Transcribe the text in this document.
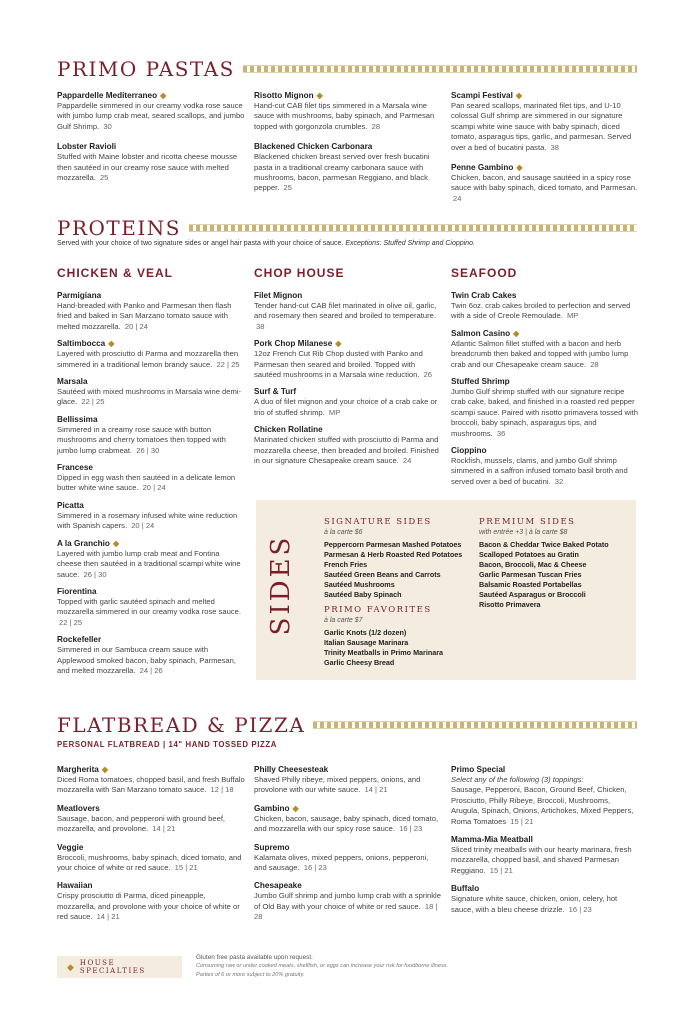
PRIMO PASTAS
Pappardelle Mediterraneo ◆
Pappardelle simmered in our creamy vodka rose sauce with jumbo lump crab meat, seared scallops, and jumbo Gulf Shrimp. 30
Lobster Ravioli
Stuffed with Maine lobster and ricotta cheese mousse then sautéed in our creamy rose sauce with melted mozzarella. 25
Risotto Mignon ◆
Hand-cut CAB filet tips simmered in a Marsala wine sauce with mushrooms, baby spinach, and Parmesan topped with gorgonzola crumbles. 28
Blackened Chicken Carbonara
Blackened chicken breast served over fresh bucatini pasta in a traditional creamy carbonara sauce with mushrooms, bacon, parmesan Reggiano, and black pepper. 25
Scampi Festival ◆
Pan seared scallops, marinated filet tips, and U-10 colossal Gulf shrimp are simmered in our signature scampi white wine sauce with baby spinach, diced tomato, asparagus tips, garlic, and parmesan. Served over a bed of bucatini pasta. 38
Penne Gambino ◆
Chicken, bacon, and sausage sautéed in a spicy rose sauce with baby spinach, diced tomato, and Parmesan. 24
PROTEINS
Served with your choice of two signature sides or angel hair pasta with your choice of sauce. Exceptions: Stuffed Shrimp and Cioppino.
CHICKEN & VEAL	CHOP HOUSE	SEAFOOD
Parmigiana
Hand-breaded with Panko and Parmesan then flash fried and baked in San Marzano tomato sauce with melted mozzarella. 20 | 24
Saltimbocca ◆
Layered with prosciutto di Parma and mozzarella then simmered in a traditional lemon brandy sauce. 22 | 25
Marsala
Sautéed with mixed mushrooms in Marsala wine demi-glace. 22 | 25
Bellissima
Simmered in a creamy rose sauce with button mushrooms and cherry tomatoes then topped with jumbo lump crabmeat. 26 | 30
Francese
Dipped in egg wash then sautéed in a delicate lemon butter white wine sauce. 20 | 24
Picatta
Simmered in a rosemary infused white wine reduction with Spanish capers. 20 | 24
A la Granchio ◆
Layered with jumbo lump crab meat and Fontina cheese then sautéed in a traditional scampi white wine sauce. 26 | 30
Fiorentina
Topped with garlic sautéed spinach and melted mozzarella simmered in our creamy vodka rose sauce. 22 | 25
Rockefeller
Simmered in our Sambuca cream sauce with Applewood smoked bacon, baby spinach, Parmesan, and melted mozzarella. 24 | 26
Filet Mignon
Tender hand-cut CAB filet marinated in olive oil, garlic, and rosemary then seared and broiled to temperature. 38
Pork Chop Milanese ◆
12oz French Cut Rib Chop dusted with Panko and Parmesan then seared and broiled. Topped with sautéed mushrooms in a Marsala wine reduction. 26
Surf & Turf
A duo of filet mignon and your choice of a crab cake or trio of stuffed shrimp. MP
Chicken Rollatine
Marinated chicken stuffed with prosciutto di Parma and mozzarella cheese, then breaded and broiled. Finished in our signature Chesapeake cream sauce. 24
Twin Crab Cakes
Twin 6oz. crab cakes broiled to perfection and served with a side of Creole Remoulade. MP
Salmon Casino ◆
Atlantic Salmon fillet stuffed with a bacon and herb breadcrumb then baked and topped with jumbo lump crab and our Chesapeake cream sauce. 28
Stuffed Shrimp
Jumbo Gulf shrimp stuffed with our signature recipe crab cake, baked, and finished in a roasted red pepper scampi sauce. Paired with risotto primavera tossed with broccoli, baby spinach, asparagus tips, and mushrooms. 36
Cioppino
Rockfish, mussels, clams, and jumbo Gulf shrimp simmered in a saffron infused tomato basil broth and served over a bed of bucatini. 32
SIDES
SIGNATURE SIDES
à la carte $6
Peppercorn Parmesan Mashed Potatoes
Parmesan & Herb Roasted Red Potatoes
French Fries
Sautéed Green Beans and Carrots
Sautéed Mushrooms
Sautéed Baby Spinach
PRIMO FAVORITES
à la carte $7
Garlic Knots (1/2 dozen)
Italian Sausage Marinara
Trinity Meatballs in Primo Marinara
Garlic Cheesy Bread
PREMIUM SIDES
with entrée +3 | à la carte $8
Bacon & Cheddar Twice Baked Potato
Scalloped Potatoes au Gratin
Bacon, Broccoli, Mac & Cheese
Garlic Parmesan Tuscan Fries
Balsamic Roasted Portabellas
Sautéed Asparagus or Broccoli
Risotto Primavera
FLATBREAD & PIZZA
PERSONAL FLATBREAD | 14" HAND TOSSED PIZZA
Margherita ◆
Diced Roma tomatoes, chopped basil, and fresh Buffalo mozzarella with San Marzano tomato sauce. 12 | 18
Meatlovers
Sausage, bacon, and pepperoni with ground beef, mozzarella, and provolone. 14 | 21
Veggie
Broccoli, mushrooms, baby spinach, diced tomato, and your choice of white or red sauce. 15 | 21
Hawaiian
Crispy prosciutto di Parma, diced pineapple, mozzarella, and provolone with your choice of white or red sauce. 14 | 21
Philly Cheesesteak
Shaved Philly ribeye, mixed peppers, onions, and provolone with our white sauce. 14 | 21
Gambino ◆
Chicken, bacon, sausage, baby spinach, diced tomato, and mozzarella with our spicy rose sauce. 16 | 23
Supremo
Kalamata olives, mixed peppers, onions, pepperoni, and sausage. 16 | 23
Chesapeake
Jumbo Gulf shrimp and jumbo lump crab with a sprinkle of Old Bay with your choice of white or red sauce. 18 | 28
Primo Special
Select any of the following (3) toppings:
Sausage, Pepperoni, Bacon, Ground Beef, Chicken, Prosciutto, Philly Ribeye, Broccoli, Mushrooms, Arugula, Spinach, Onions, Artichokes, Mixed Peppers, Roma Tomatoes 15 | 21
Mamma-Mia Meatball
Sliced trinity meatballs with our hearty marinara, fresh mozzarella, chopped basil, and shaved Parmesan Reggiano. 15 | 21
Buffalo
Signature white sauce, chicken, onion, celery, hot sauce, with a bleu cheese drizzle. 16 | 23
◆ HOUSE SPECIALTIES
Gluten free pasta available upon request.
Consuming raw or under cooked meats, shellfish, or eggs can increase your risk for foodborne illness.
Parties of 6 or more subject to 20% gratuity.
